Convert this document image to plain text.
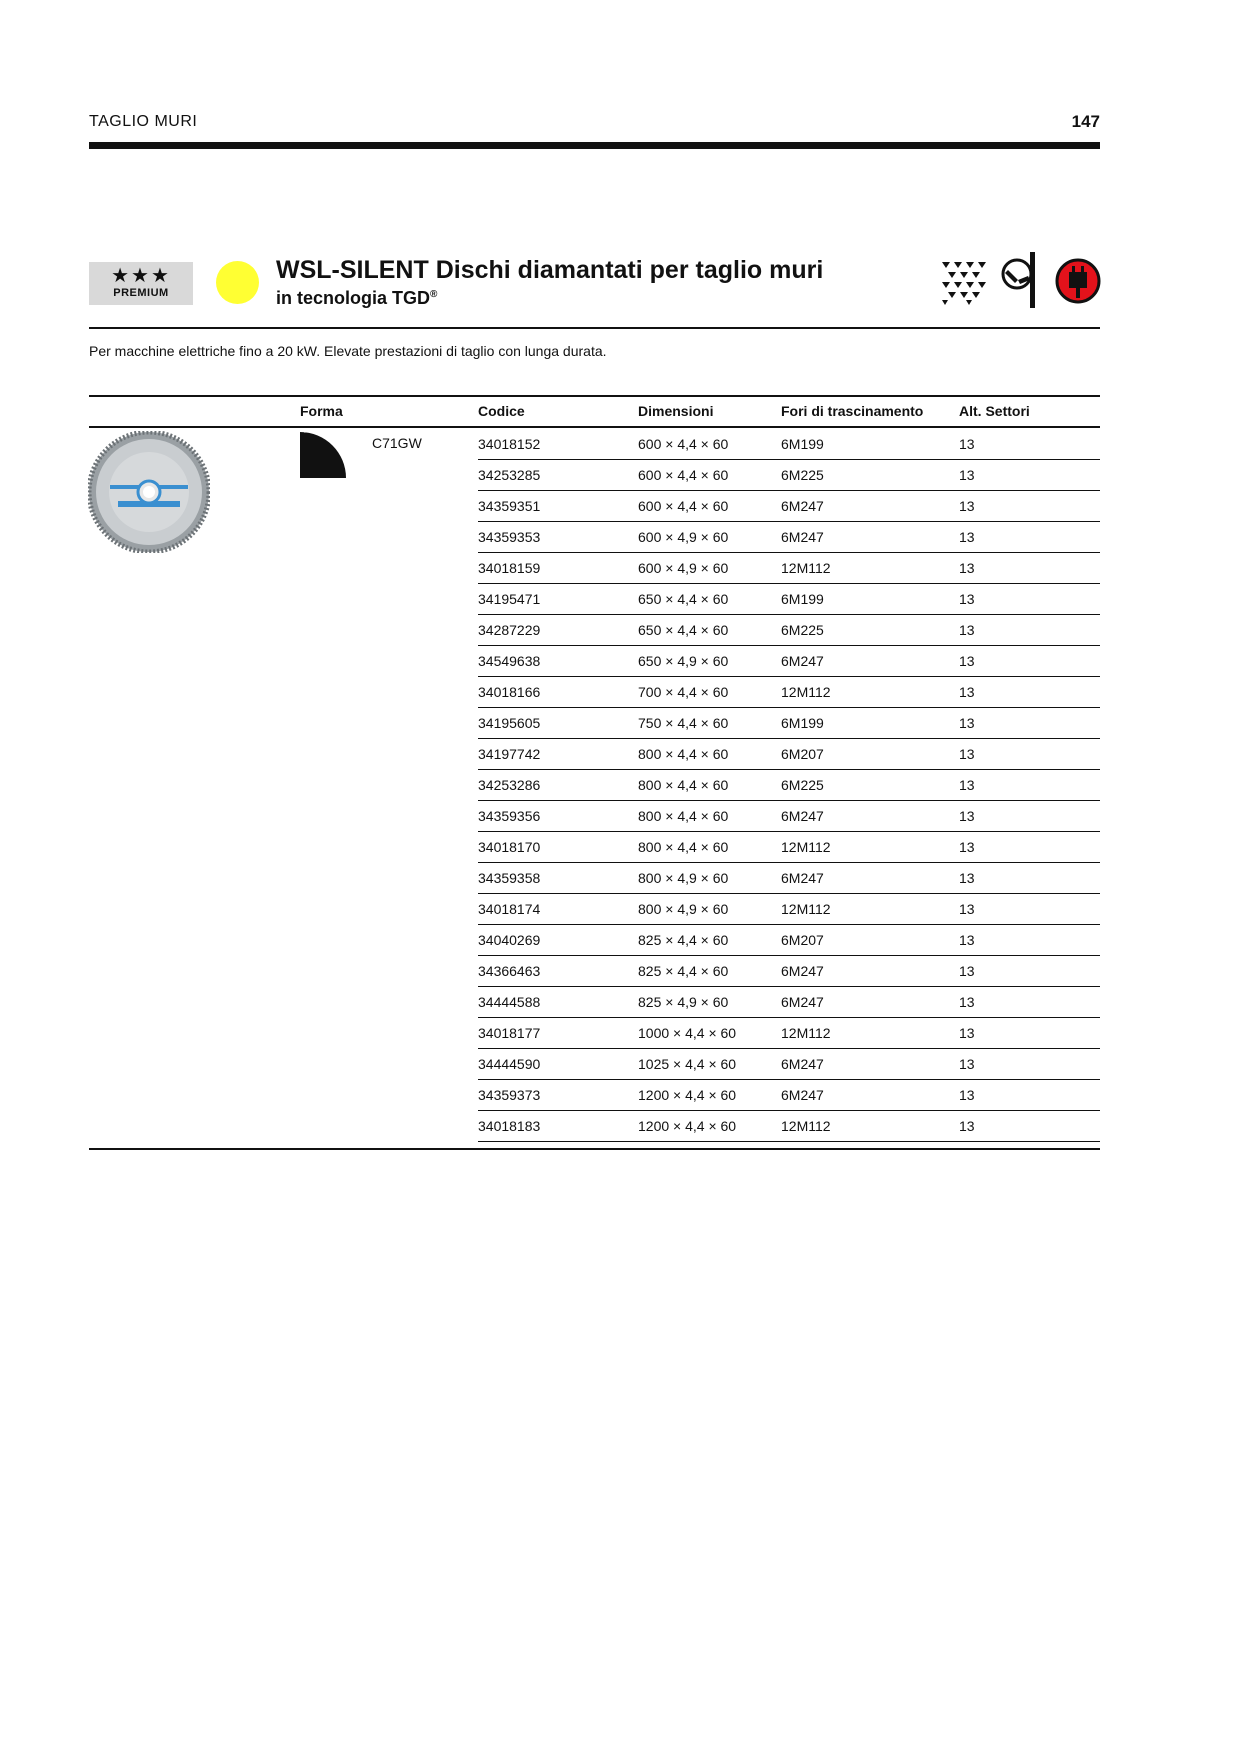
TAGLIO MURI	147
★★★
PREMIUM
WSL-SILENT Dischi diamantati per taglio muri
in tecnologia TGD®
Per macchine elettriche fino a 20 kW. Elevate prestazioni di taglio con lunga durata.
Forma	Codice	Dimensioni	Fori di trascinamento	Alt. Settori
C71GW	34018152	600 × 4,4 × 60	6M199	13
34253285	600 × 4,4 × 60	6M225	13
34359351	600 × 4,4 × 60	6M247	13
34359353	600 × 4,9 × 60	6M247	13
34018159	600 × 4,9 × 60	12M112	13
34195471	650 × 4,4 × 60	6M199	13
34287229	650 × 4,4 × 60	6M225	13
34549638	650 × 4,9 × 60	6M247	13
34018166	700 × 4,4 × 60	12M112	13
34195605	750 × 4,4 × 60	6M199	13
34197742	800 × 4,4 × 60	6M207	13
34253286	800 × 4,4 × 60	6M225	13
34359356	800 × 4,4 × 60	6M247	13
34018170	800 × 4,4 × 60	12M112	13
34359358	800 × 4,9 × 60	6M247	13
34018174	800 × 4,9 × 60	12M112	13
34040269	825 × 4,4 × 60	6M207	13
34366463	825 × 4,4 × 60	6M247	13
34444588	825 × 4,9 × 60	6M247	13
34018177	1000 × 4,4 × 60	12M112	13
34444590	1025 × 4,4 × 60	6M247	13
34359373	1200 × 4,4 × 60	6M247	13
34018183	1200 × 4,4 × 60	12M112	13
